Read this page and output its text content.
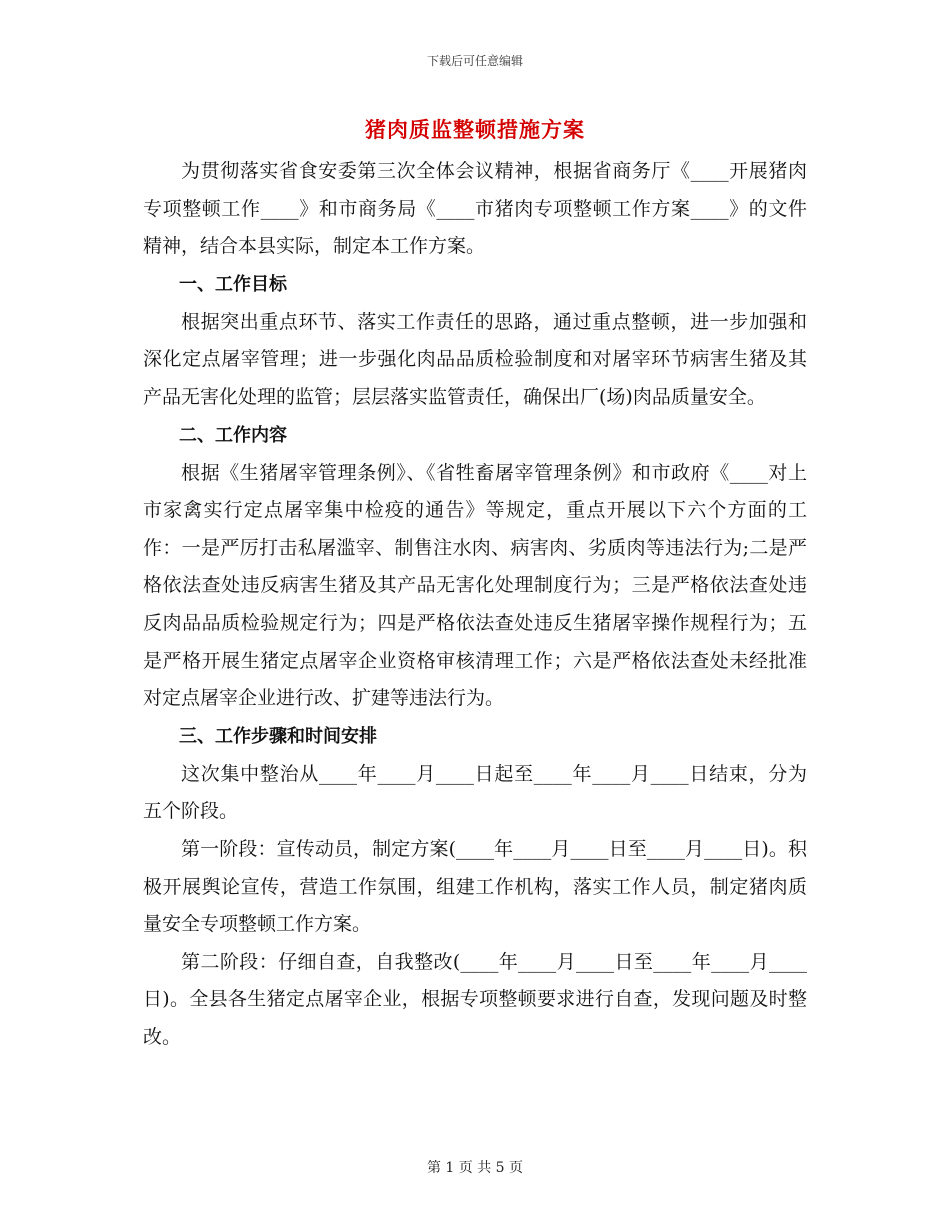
下载后可任意编辑
猪肉质监整顿措施方案

为贯彻落实省食安委第三次全体会议精神，根据省商务厅《____开展猪肉专项整顿工作____》和市商务局《____市猪肉专项整顿工作方案____》的文件精神，结合本县实际，制定本工作方案。

一、工作目标

根据突出重点环节、落实工作责任的思路，通过重点整顿，进一步加强和深化定点屠宰管理；进一步强化肉品品质检验制度和对屠宰环节病害生猪及其产品无害化处理的监管；层层落实监管责任，确保出厂(场)肉品质量安全。

二、工作内容

根据《生猪屠宰管理条例》、《省牲畜屠宰管理条例》和市政府《____对上市家禽实行定点屠宰集中检疫的通告》等规定，重点开展以下六个方面的工作：一是严厉打击私屠滥宰、制售注水肉、病害肉、劣质肉等违法行为;二是严格依法查处违反病害生猪及其产品无害化处理制度行为；三是严格依法查处违反肉品品质检验规定行为；四是严格依法查处违反生猪屠宰操作规程行为；五是严格开展生猪定点屠宰企业资格审核清理工作；六是严格依法查处未经批准对定点屠宰企业进行改、扩建等违法行为。

三、工作步骤和时间安排

这次集中整治从____年____月____日起至____年____月____日结束，分为五个阶段。

第一阶段：宣传动员，制定方案(____年____月____日至____月____日)。积极开展舆论宣传，营造工作氛围，组建工作机构，落实工作人员，制定猪肉质量安全专项整顿工作方案。

第二阶段：仔细自查，自我整改(____年____月____日至____年____月____日)。全县各生猪定点屠宰企业，根据专项整顿要求进行自查，发现问题及时整改。

第 1 页 共 5 页
